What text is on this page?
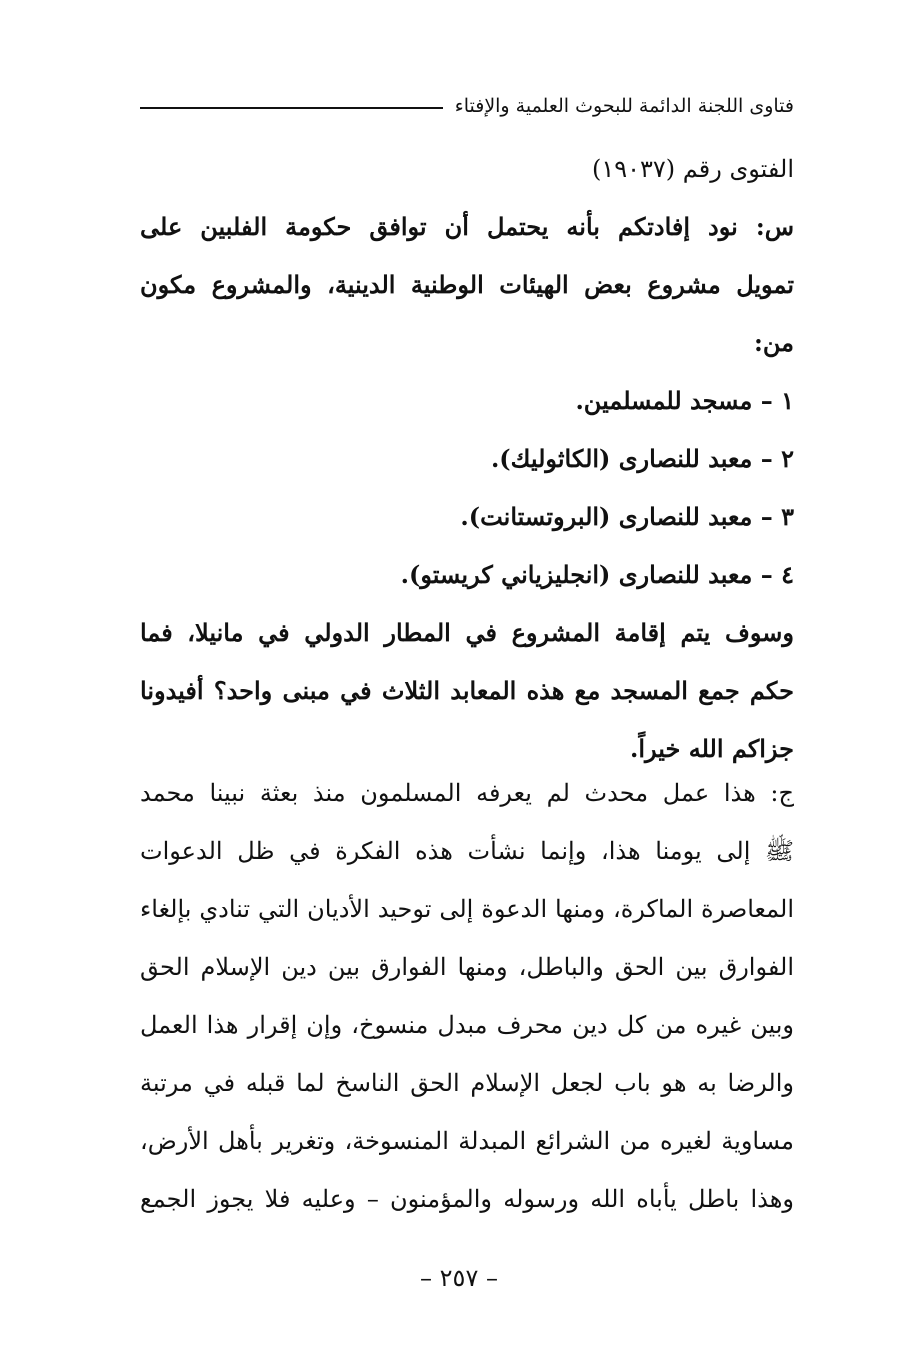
فتاوى اللجنة الدائمة للبحوث العلمية والإفتاء
الفتوى رقم (١٩٠٣٧)
س: نود إفادتكم بأنه يحتمل أن توافق حكومة الفلبين على
تمويل مشروع بعض الهيئات الوطنية الدينية، والمشروع مكون
من:
١ – مسجد للمسلمين.
٢ – معبد للنصارى (الكاثوليك).
٣ – معبد للنصارى (البروتستانت).
٤ – معبد للنصارى (انجليزياني كريستو).
وسوف يتم إقامة المشروع في المطار الدولي في مانيلا، فما
حكم جمع المسجد مع هذه المعابد الثلاث في مبنى واحد؟ أفيدونا
جزاكم الله خيراً.
ج: هذا عمل محدث لم يعرفه المسلمون منذ بعثة نبينا محمد
ﷺ إلى يومنا هذا، وإنما نشأت هذه الفكرة في ظل الدعوات
المعاصرة الماكرة، ومنها الدعوة إلى توحيد الأديان التي تنادي بإلغاء
الفوارق بين الحق والباطل، ومنها الفوارق بين دين الإسلام الحق
وبين غيره من كل دين محرف مبدل منسوخ، وإن إقرار هذا العمل
والرضا به هو باب لجعل الإسلام الحق الناسخ لما قبله في مرتبة
مساوية لغيره من الشرائع المبدلة المنسوخة، وتغرير بأهل الأرض،
وهذا باطل يأباه الله ورسوله والمؤمنون – وعليه فلا يجوز الجمع
– ٢٥٧ –
